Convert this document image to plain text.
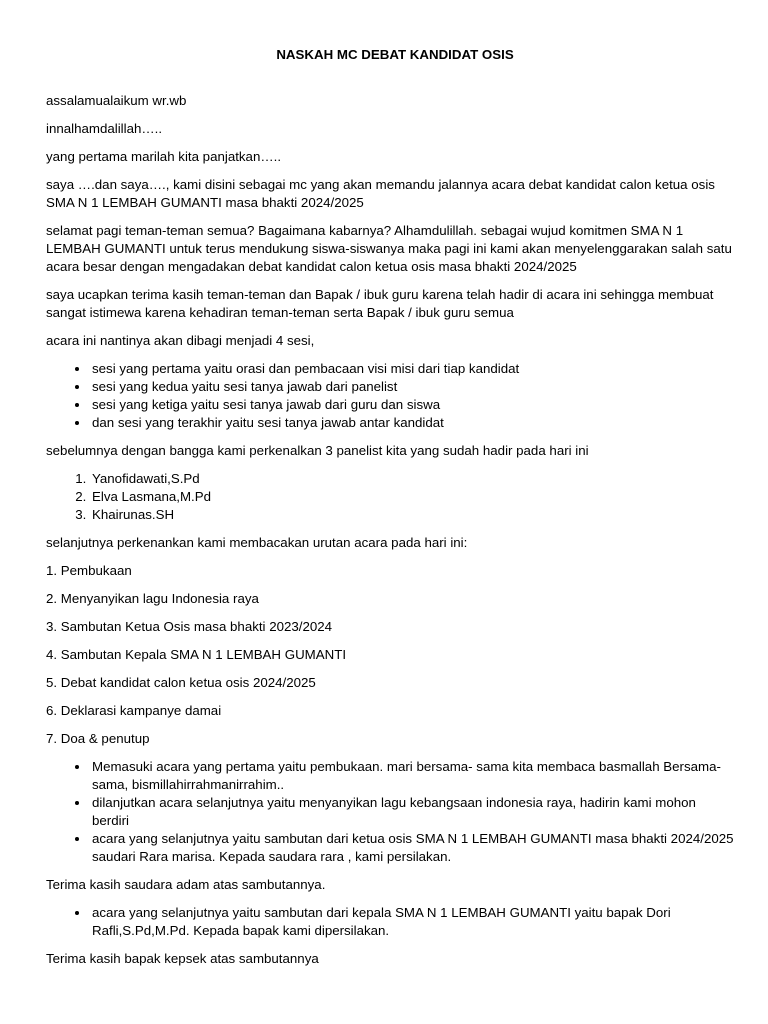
NASKAH MC DEBAT KANDIDAT OSIS

assalamualaikum wr.wb

innalhamdalillah…..

yang pertama marilah kita panjatkan…..

saya ….dan saya…., kami disini sebagai mc yang akan memandu jalannya acara debat kandidat calon ketua osis SMA N 1 LEMBAH GUMANTI masa bhakti 2024/2025

selamat pagi teman-teman semua? Bagaimana kabarnya? Alhamdulillah. sebagai wujud komitmen SMA N 1 LEMBAH GUMANTI untuk terus mendukung siswa-siswanya maka pagi ini kami akan menyelenggarakan salah satu acara besar dengan mengadakan debat kandidat calon ketua osis masa bhakti 2024/2025

saya ucapkan terima kasih teman-teman dan Bapak / ibuk guru karena telah hadir di acara ini sehingga membuat sangat istimewa karena kehadiran teman-teman serta Bapak / ibuk guru semua

acara ini nantinya akan dibagi menjadi 4 sesi,

• sesi yang pertama yaitu orasi dan pembacaan visi misi dari tiap kandidat
• sesi yang kedua yaitu sesi tanya jawab dari panelist
• sesi yang ketiga yaitu sesi tanya jawab dari guru dan siswa
• dan sesi yang terakhir yaitu sesi tanya jawab antar kandidat

sebelumnya dengan bangga kami perkenalkan 3 panelist kita yang sudah hadir pada hari ini

1. Yanofidawati,S.Pd
2. Elva Lasmana,M.Pd
3. Khairunas.SH

selanjutnya perkenankan kami membacakan urutan acara pada hari ini:

1. Pembukaan

2. Menyanyikan lagu Indonesia raya

3. Sambutan Ketua Osis masa bhakti 2023/2024

4. Sambutan Kepala SMA N 1 LEMBAH GUMANTI

5. Debat kandidat calon ketua osis 2024/2025

6. Deklarasi kampanye damai

7. Doa & penutup

• Memasuki acara yang pertama yaitu pembukaan. mari bersama- sama kita membaca basmallah Bersama-sama, bismillahirrahmanirrahim..
• dilanjutkan acara selanjutnya yaitu menyanyikan lagu kebangsaan indonesia raya, hadirin kami mohon berdiri
• acara yang selanjutnya yaitu sambutan dari ketua osis SMA N 1 LEMBAH GUMANTI masa bhakti 2024/2025 saudari Rara marisa. Kepada saudara rara , kami persilakan.

Terima kasih saudara adam atas sambutannya.

• acara yang selanjutnya yaitu sambutan dari kepala SMA N 1 LEMBAH GUMANTI yaitu bapak Dori Rafli,S.Pd,M.Pd. Kepada bapak kami dipersilakan.

Terima kasih bapak kepsek atas sambutannya
